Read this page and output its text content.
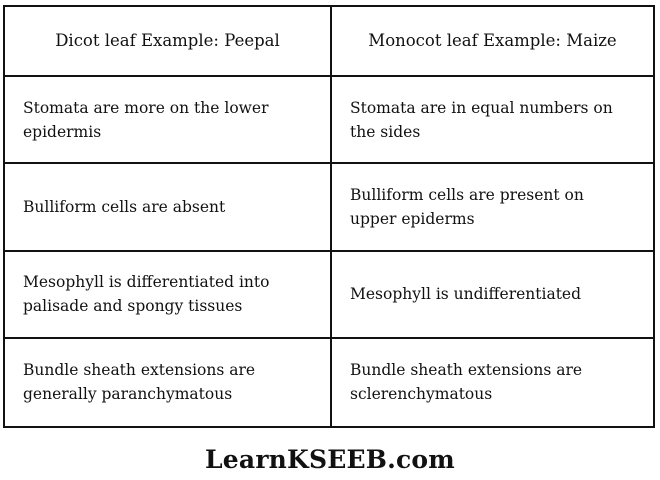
Dicot leaf Example: Peepal	Monocot leaf Example: Maize
Stomata are more on the lower epidermis
Stomata are in equal numbers on the sides
Bulliform cells are absent
Bulliform cells are present on upper epiderms
Mesophyll is differentiated into palisade and spongy tissues
Mesophyll is undifferentiated
Bundle sheath extensions are generally paranchymatous
Bundle sheath extensions are sclerenchymatous
LearnKSEEB.com
